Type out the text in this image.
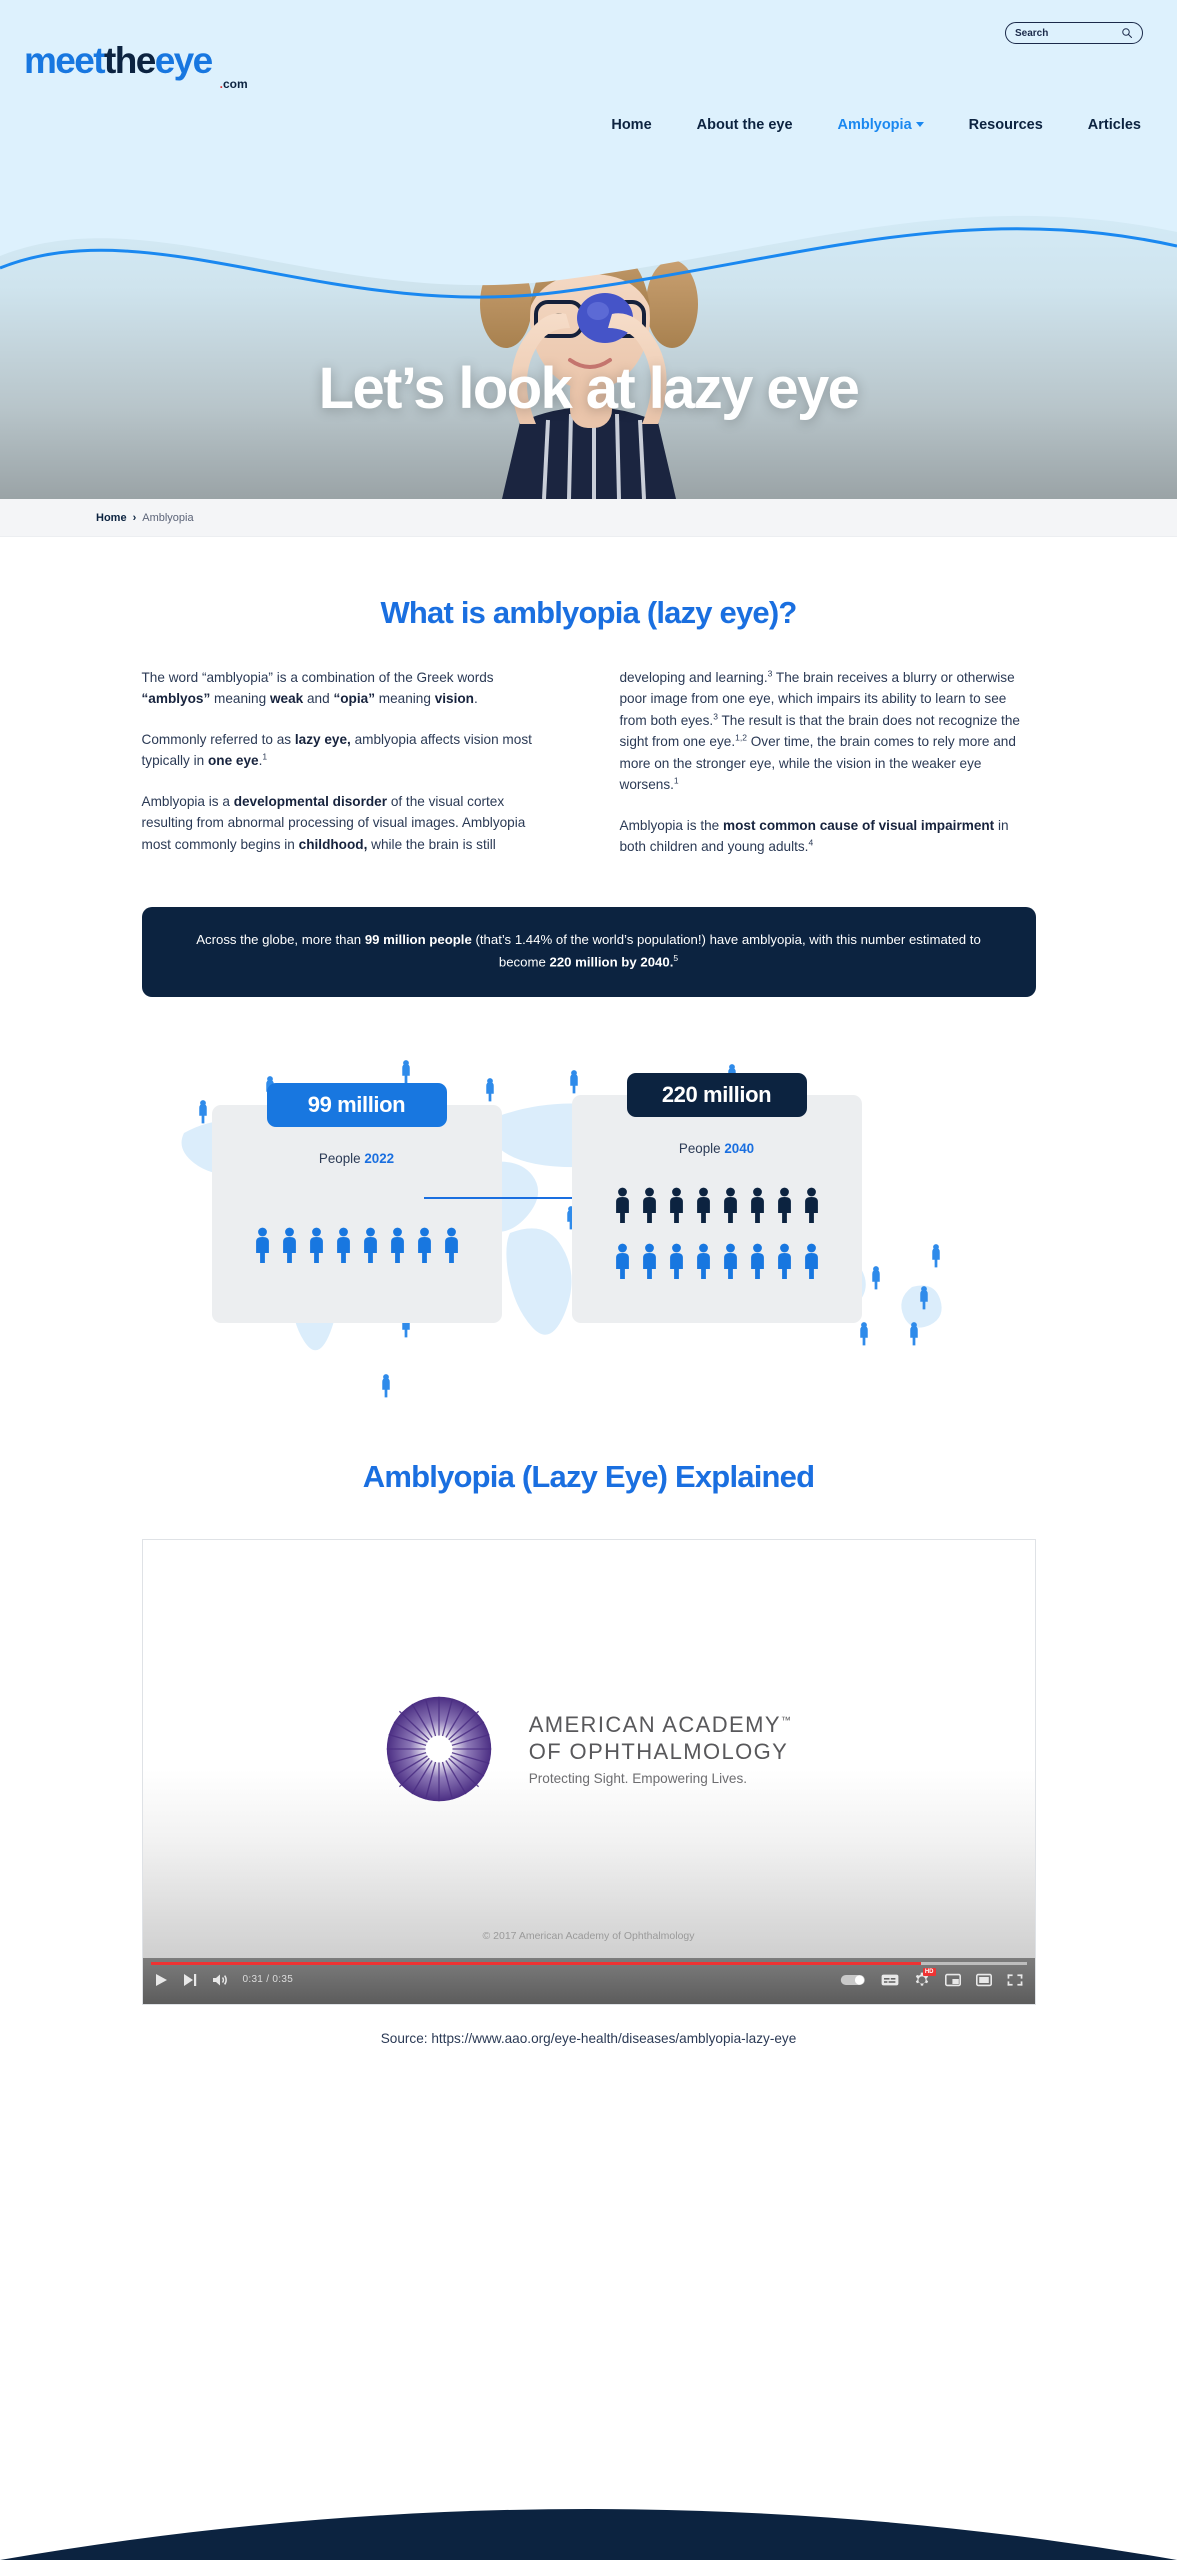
Search
meettheeye
.com
Home	About the eye	Amblyopia	Resources	Articles
Let’s look at lazy eye
Home › Amblyopia
What is amblyopia (lazy eye)?

The word “amblyopia” is a combination of the Greek words “amblyos” meaning weak and “opia” meaning vision.

Commonly referred to as lazy eye, amblyopia affects vision most typically in one eye.$^1$

Amblyopia is a developmental disorder of the visual cortex resulting from abnormal processing of visual images. Amblyopia most commonly begins in childhood, while the brain is still

developing and learning.$^3$ The brain receives a blurry or otherwise poor image from one eye, which impairs its ability to learn to see from both eyes.$^3$ The result is that the brain does not recognize the sight from one eye.$^{1,2}$ Over time, the brain comes to rely more and more on the stronger eye, while the vision in the weaker eye worsens.$^1$

Amblyopia is the most common cause of visual impairment in both children and young adults.$^4$

Across the globe, more than 99 million people (that’s 1.44% of the world’s population!) have amblyopia, with this number estimated to become 220 million by 2040.$^5$
99 million
People 2022
220 million
People 2040
Amblyopia (Lazy Eye) Explained
AMERICAN ACADEMY™
OF OPHTHALMOLOGY
Protecting Sight. Empowering Lives.
© 2017 American Academy of Ophthalmology
0:31 / 0:35
HD
Source: https://www.aao.org/eye-health/diseases/amblyopia-lazy-eye
